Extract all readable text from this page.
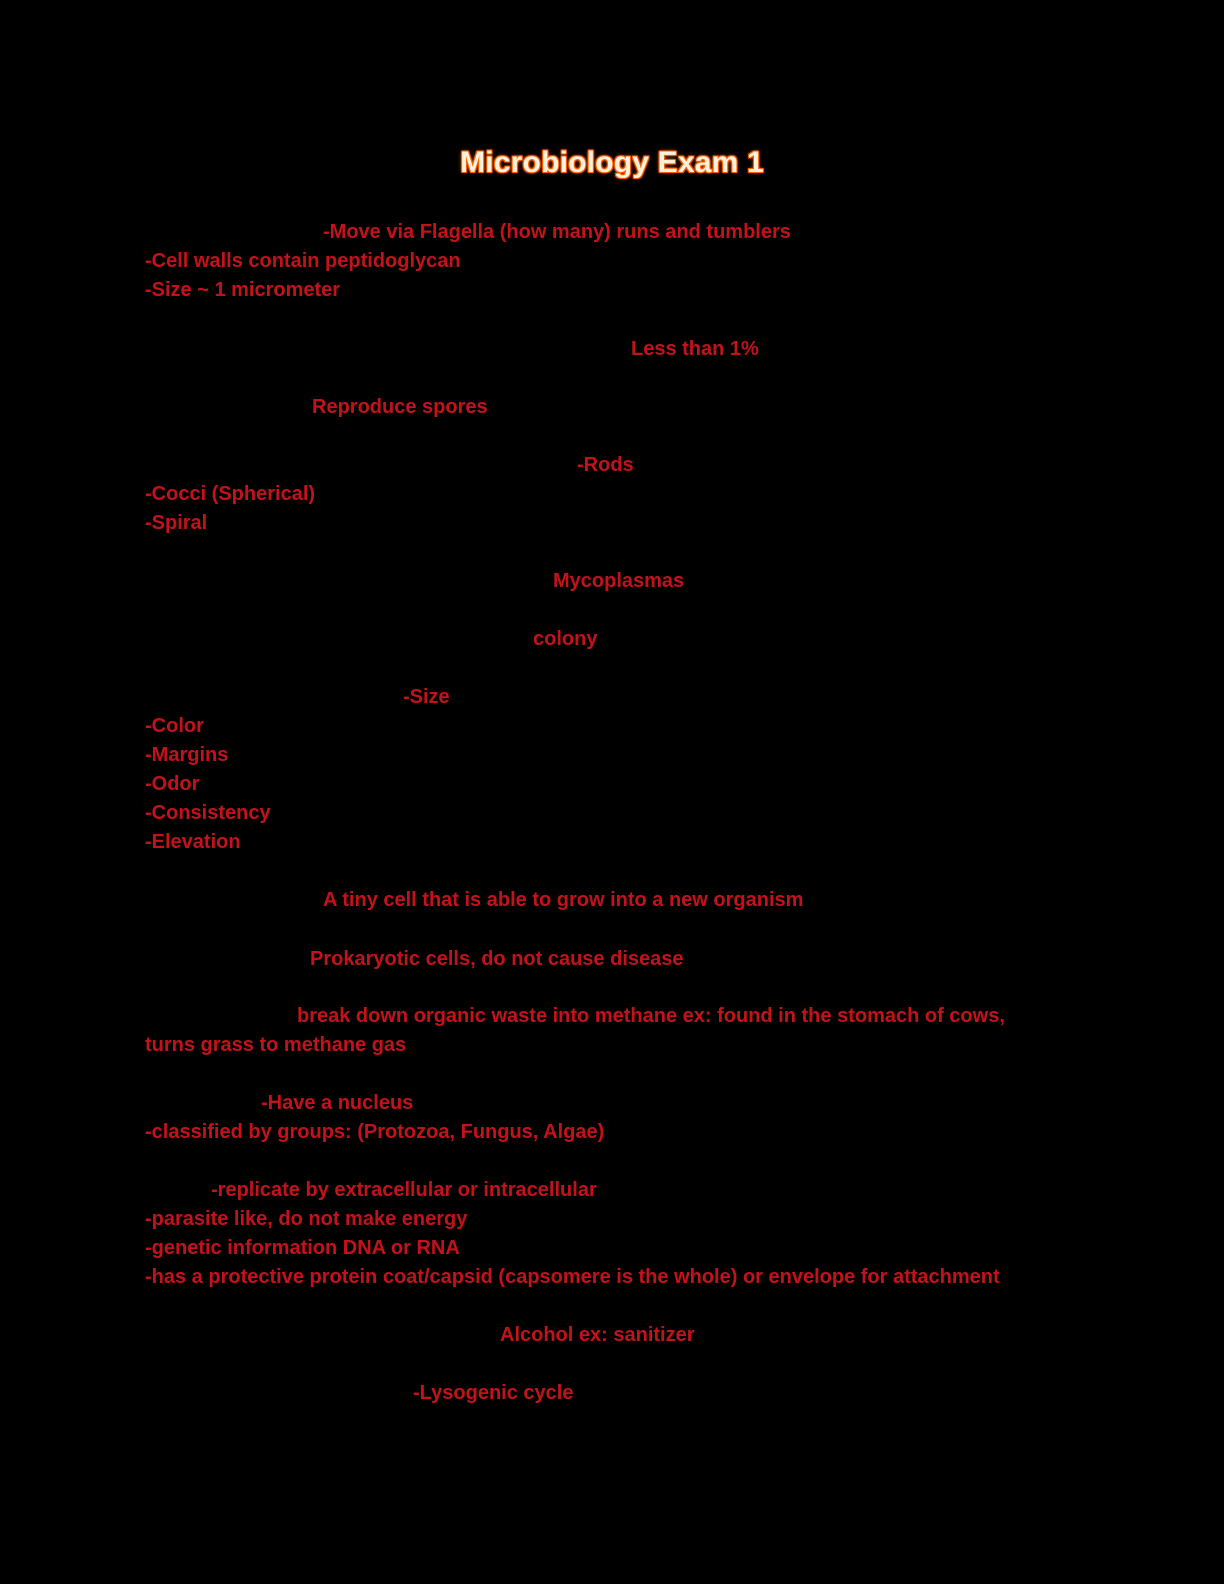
Microbiology Exam 1
-Move via Flagella (how many) runs and tumblers
-Cell walls contain peptidoglycan
-Size ~ 1 micrometer
Less than 1%
Reproduce spores
-Rods
-Cocci (Spherical)
-Spiral
Mycoplasmas
colony
-Size
-Color
-Margins
-Odor
-Consistency
-Elevation
A tiny cell that is able to grow into a new organism
Prokaryotic cells, do not cause disease
break down organic waste into methane ex: found in the stomach of cows,
turns grass to methane gas
-Have a nucleus
-classified by groups: (Protozoa, Fungus, Algae)
-replicate by extracellular or intracellular
-parasite like, do not make energy
-genetic information DNA or RNA
-has a protective protein coat/capsid (capsomere is the whole) or envelope for attachment
Alcohol ex: sanitizer
-Lysogenic cycle
